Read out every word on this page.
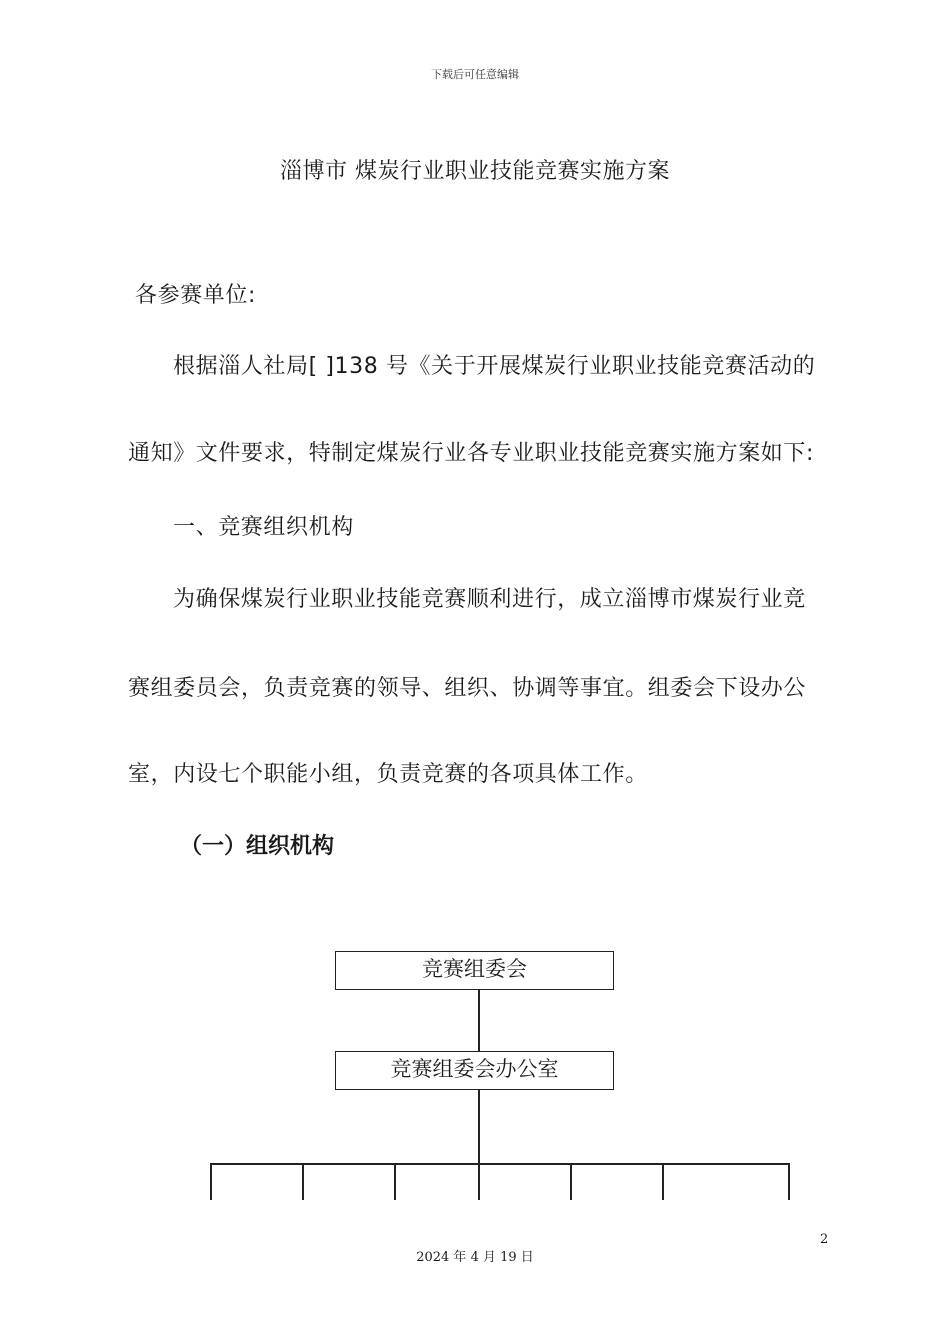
下载后可任意编辑
淄博市 煤炭行业职业技能竞赛实施方案
各参赛单位:
根据淄人社局[ ]138 号《关于开展煤炭行业职业技能竞赛活动的
通知》文件要求，特制定煤炭行业各专业职业技能竞赛实施方案如下:
一、竞赛组织机构
为确保煤炭行业职业技能竞赛顺利进行，成立淄博市煤炭行业竞
赛组委员会，负责竞赛的领导、组织、协调等事宜。组委会下设办公
室，内设七个职能小组，负责竞赛的各项具体工作。
（一）组织机构
竞赛组委会
竞赛组委会办公室
2
2024 年 4 月 19 日
